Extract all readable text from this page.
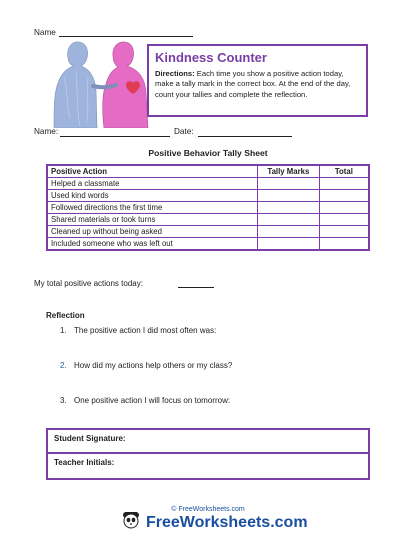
Name
Kindness Counter
Directions: Each time you show a positive action today, make a tally mark in the correct box. At the end of the day, count your tallies and complete the reflection.
Name:	Date:
Positive Behavior Tally Sheet
Positive Action	Tally Marks	Total
Helped a classmate		
Used kind words		
Followed directions the first time		
Shared materials or took turns		
Cleaned up without being asked		
Included someone who was left out		
My total positive actions today:
Reflection
1. The positive action I did most often was:
2. How did my actions help others or my class?
3. One positive action I will focus on tomorrow:
Student Signature:
Teacher Initials:
© FreeWorksheets.com
FreeWorksheets.com
